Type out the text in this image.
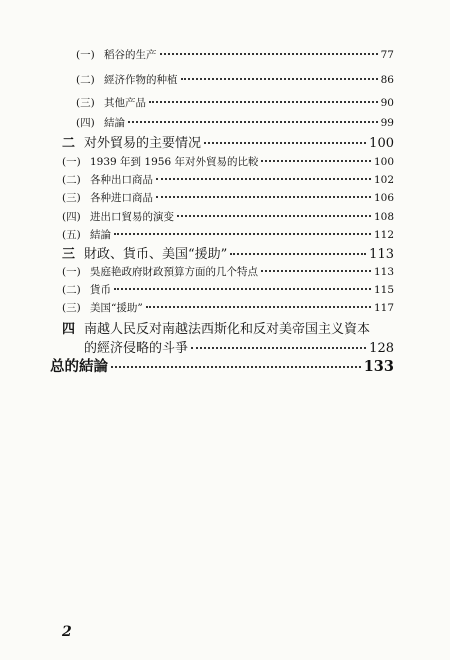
(一) 稻谷的生产	77
(二) 經济作物的种植	86
(三) 其他产品	90
(四) 結論	99
二 对外貿易的主要情况	100
(一) 1939 年到 1956 年对外貿易的比較	100
(二) 各种出口商品	102
(三) 各种进口商品	106
(四) 进出口貿易的演变	108
(五) 結論	112
三 財政、貨币、美国“援助”	113
(一) 吳庭艳政府財政預算方面的几个特点	113
(二) 貨币	115
(三) 美国“援助”	117
四 南越人民反对南越法西斯化和反对美帝国主义資本
的經济侵略的斗爭	128
总的結論	133
2
